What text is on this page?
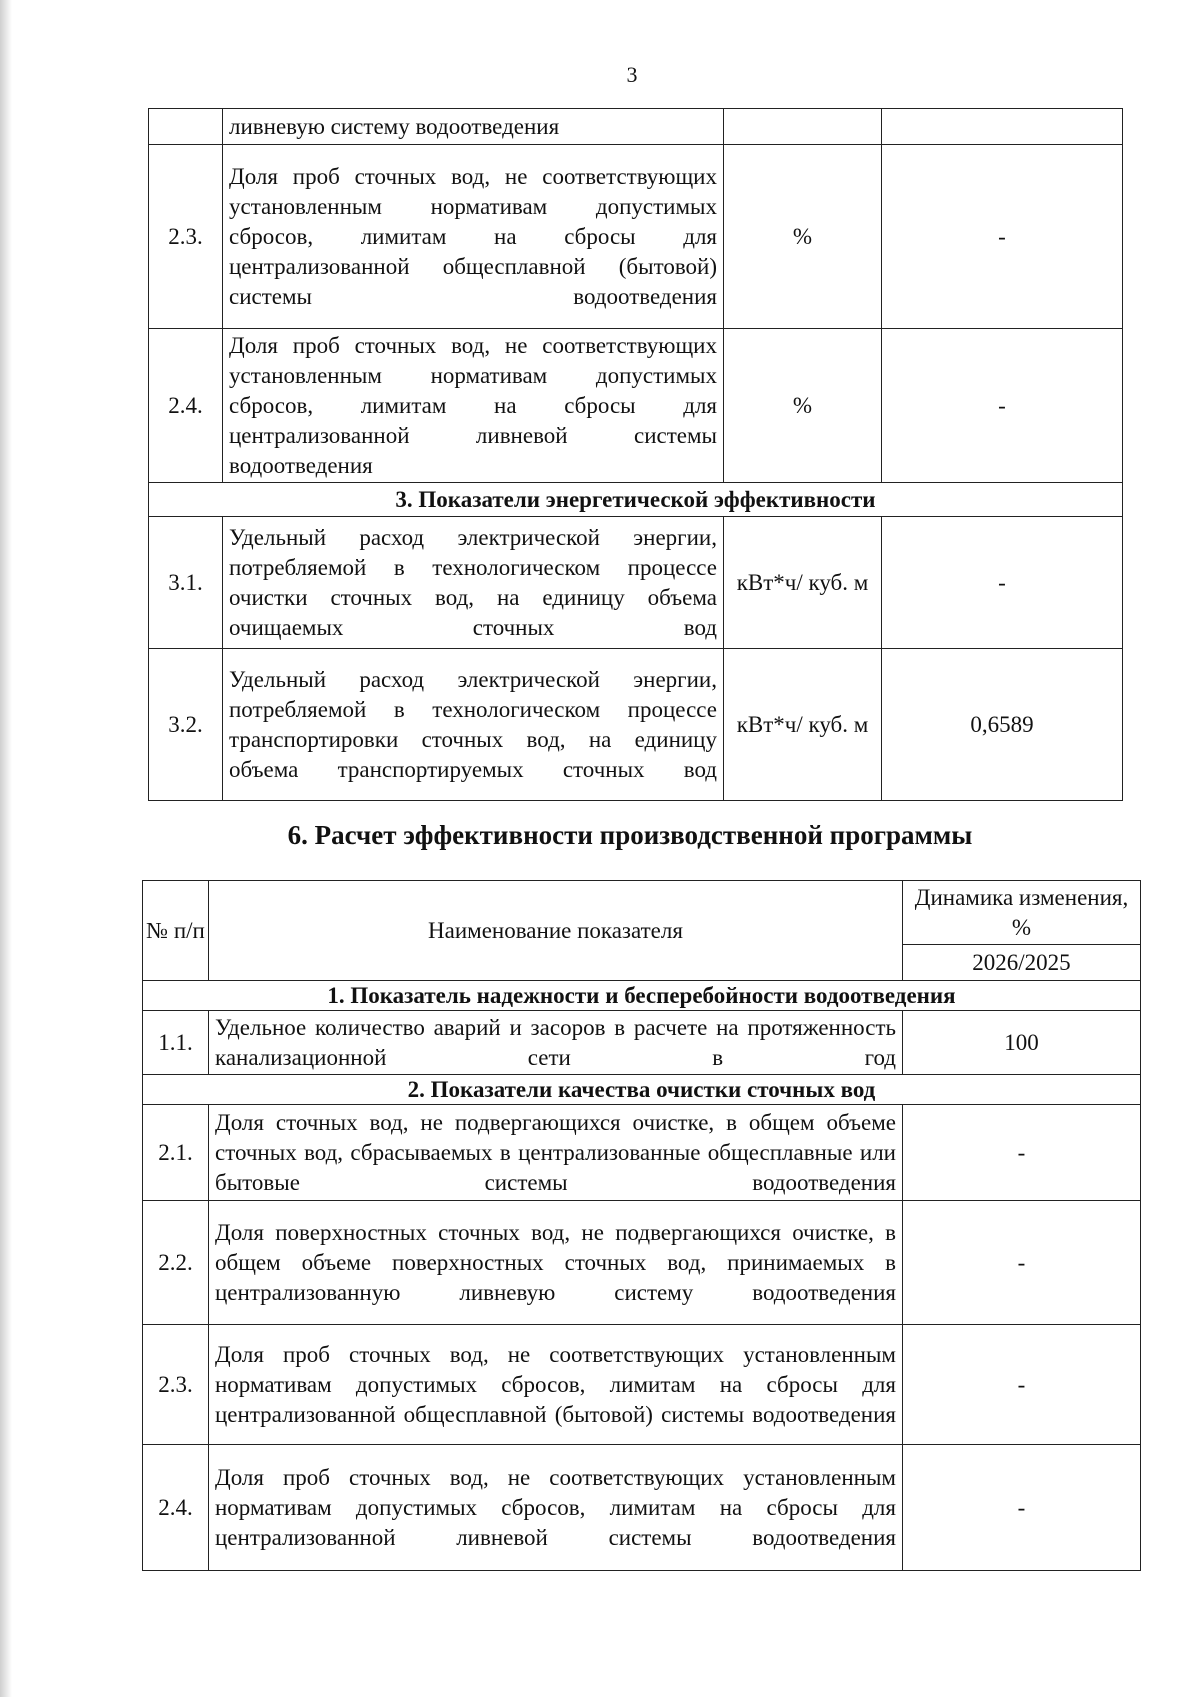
3
	ливневую систему водоотведения		
2.3.	Доля проб сточных вод, не соответствующих установленным нормативам допустимых сбросов, лимитам на сбросы для централизованной общесплавной (бытовой) системы водоотведения	%	-
2.4.	Доля проб сточных вод, не соответствующих установленным нормативам допустимых сбросов, лимитам на сбросы для централизованной ливневой системы водоотведения	%	-
3. Показатели энергетической эффективности			
3.1.	Удельный расход электрической энергии, потребляемой в технологическом процессе очистки сточных вод, на единицу объема очищаемых сточных вод	кВт*ч/ куб. м	-
3.2.	Удельный расход электрической энергии, потребляемой в технологическом процессе транспортировки сточных вод, на единицу объема транспортируемых сточных вод	кВт*ч/ куб. м	0,6589
6. Расчет эффективности производственной программы
№ п/п	Наименование показателя	Динамика изменения, %
		2026/2025
1. Показатель надежности и бесперебойности водоотведения		
1.1.	Удельное количество аварий и засоров в расчете на протяженность канализационной сети в год	100
2. Показатели качества очистки сточных вод		
2.1.	Доля сточных вод, не подвергающихся очистке, в общем объеме сточных вод, сбрасываемых в централизованные общесплавные или бытовые системы водоотведения	-
2.2.	Доля поверхностных сточных вод, не подвергающихся очистке, в общем объеме поверхностных сточных вод, принимаемых в централизованную ливневую систему водоотведения	-
2.3.	Доля проб сточных вод, не соответствующих установленным нормативам допустимых сбросов, лимитам на сбросы для централизованной общесплавной (бытовой) системы водоотведения	-
2.4.	Доля проб сточных вод, не соответствующих установленным нормативам допустимых сбросов, лимитам на сбросы для централизованной ливневой системы водоотведения	-
